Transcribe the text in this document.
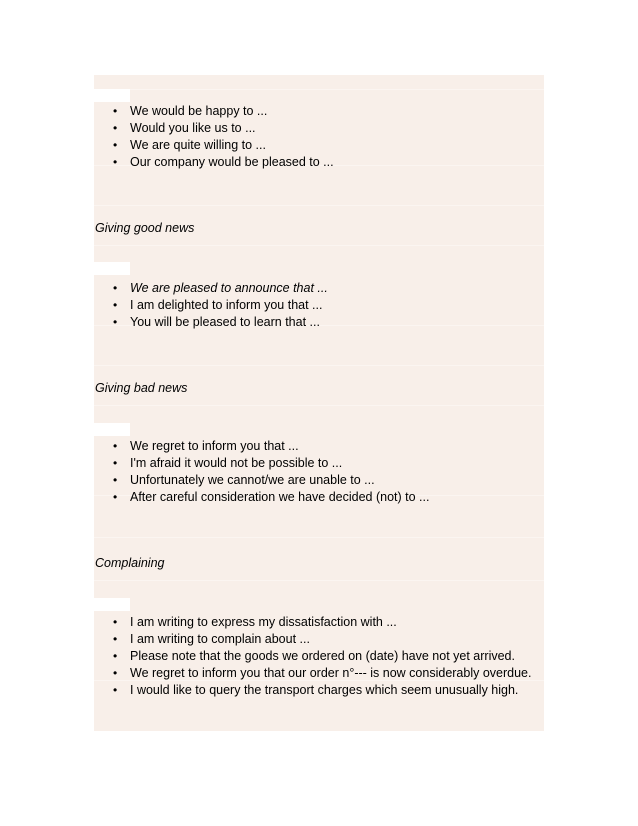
• We would be happy to ...
• Would you like us to ...
• We are quite willing to ...
• Our company would be pleased to ...
Giving good news
• We are pleased to announce that ...
• I am delighted to inform you that ...
• You will be pleased to learn that ...
Giving bad news
• We regret to inform you that ...
• I'm afraid it would not be possible to ...
• Unfortunately we cannot/we are unable to ...
• After careful consideration we have decided (not) to ...
Complaining
• I am writing to express my dissatisfaction with ...
• I am writing to complain about ...
• Please note that the goods we ordered on (date) have not yet arrived.
• We regret to inform you that our order n°--- is now considerably overdue.
• I would like to query the transport charges which seem unusually high.
